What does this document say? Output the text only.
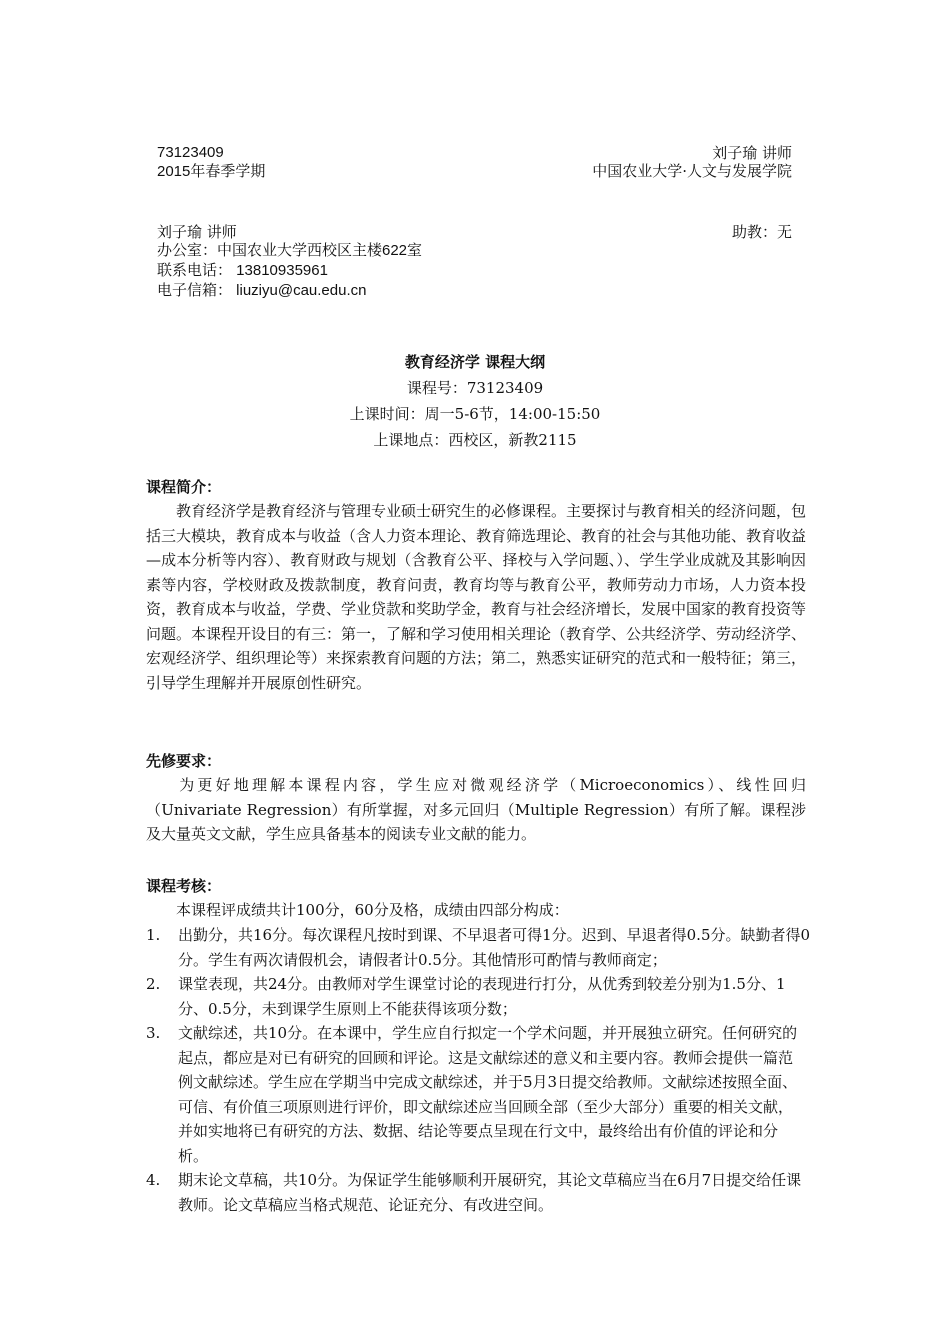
73123409
2015年春季学期
刘子瑜 讲师
中国农业大学·人文与发展学院
刘子瑜 讲师	助教：无
办公室：中国农业大学西校区主楼622室
联系电话： 13810935961
电子信箱： liuziyu@cau.edu.cn
教育经济学 课程大纲
课程号：73123409
上课时间：周一5-6节，14:00-15:50
上课地点：西校区，新教2115
课程简介：
教育经济学是教育经济与管理专业硕士研究生的必修课程。主要探讨与教育相关的经济问题，包括三大模块，教育成本与收益（含人力资本理论、教育筛选理论、教育的社会与其他功能、教育收益—成本分析等内容）、教育财政与规划（含教育公平、择校与入学问题、）、学生学业成就及其影响因素等内容，学校财政及拨款制度，教育问责，教育均等与教育公平，教师劳动力市场，人力资本投资，教育成本与收益，学费、学业贷款和奖助学金，教育与社会经济增长，发展中国家的教育投资等问题。本课程开设目的有三：第一，了解和学习使用相关理论（教育学、公共经济学、劳动经济学、宏观经济学、组织理论等）来探索教育问题的方法；第二，熟悉实证研究的范式和一般特征；第三，引导学生理解并开展原创性研究。
先修要求：
为更好地理解本课程内容，学生应对微观经济学（Microeconomics）、线性回归（Univariate Regression）有所掌握，对多元回归（Multiple Regression）有所了解。课程涉及大量英文文献，学生应具备基本的阅读专业文献的能力。
课程考核：
本课程评成绩共计100分，60分及格，成绩由四部分构成：
1. 出勤分，共16分。每次课程凡按时到课、不早退者可得1分。迟到、早退者得0.5分。缺勤者得0分。学生有两次请假机会，请假者计0.5分。其他情形可酌情与教师商定；
2. 课堂表现，共24分。由教师对学生课堂讨论的表现进行打分，从优秀到较差分别为1.5分、1分、0.5分，未到课学生原则上不能获得该项分数；
3. 文献综述，共10分。在本课中，学生应自行拟定一个学术问题，并开展独立研究。任何研究的起点，都应是对已有研究的回顾和评论。这是文献综述的意义和主要内容。教师会提供一篇范例文献综述。学生应在学期当中完成文献综述，并于5月3日提交给教师。文献综述按照全面、可信、有价值三项原则进行评价，即文献综述应当回顾全部（至少大部分）重要的相关文献，并如实地将已有研究的方法、数据、结论等要点呈现在行文中，最终给出有价值的评论和分析。
4. 期末论文草稿，共10分。为保证学生能够顺利开展研究，其论文草稿应当在6月7日提交给任课教师。论文草稿应当格式规范、论证充分、有改进空间。
